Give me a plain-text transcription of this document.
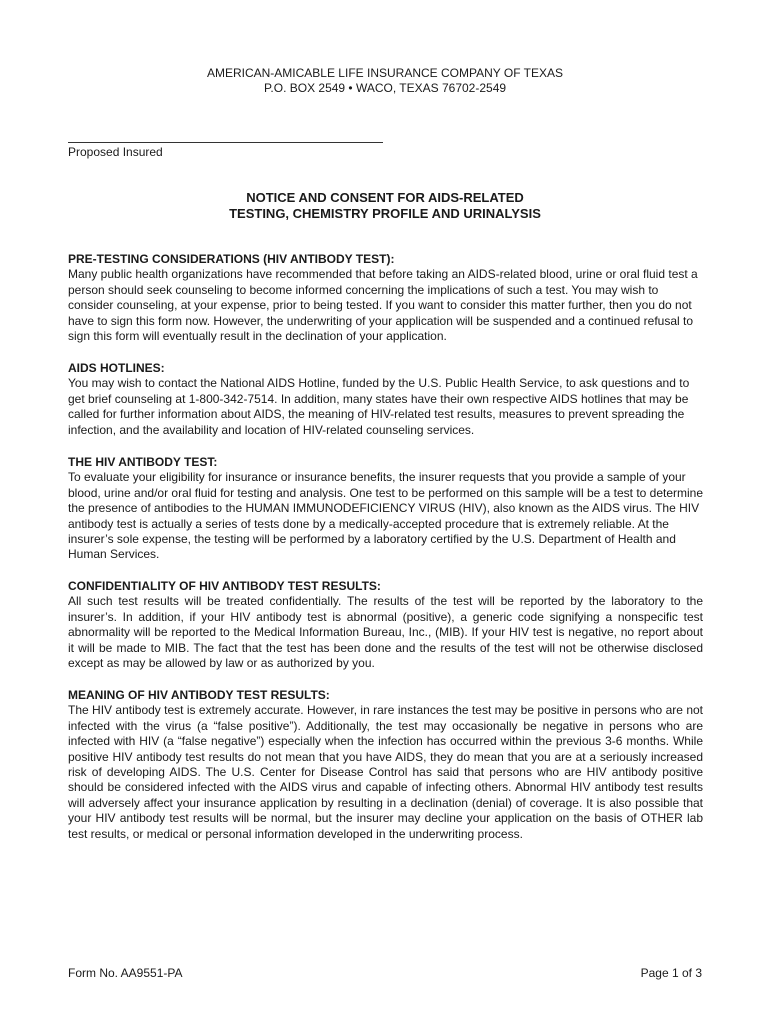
AMERICAN-AMICABLE LIFE INSURANCE COMPANY OF TEXAS
P.O. BOX 2549 • WACO, TEXAS 76702-2549
Proposed Insured
NOTICE AND CONSENT FOR AIDS-RELATED
TESTING, CHEMISTRY PROFILE AND URINALYSIS
PRE-TESTING CONSIDERATIONS (HIV ANTIBODY TEST):

Many public health organizations have recommended that before taking an AIDS-related blood, urine or oral fluid test a person should seek counseling to become informed concerning the implications of such a test. You may wish to consider counseling, at your expense, prior to being tested. If you want to consider this matter further, then you do not have to sign this form now. However, the underwriting of your application will be suspended and a continued refusal to sign this form will eventually result in the declination of your application.

AIDS HOTLINES:

You may wish to contact the National AIDS Hotline, funded by the U.S. Public Health Service, to ask questions and to get brief counseling at 1-800-342-7514. In addition, many states have their own respective AIDS hotlines that may be called for further information about AIDS, the meaning of HIV-related test results, measures to prevent spreading the infection, and the availability and location of HIV-related counseling services.

THE HIV ANTIBODY TEST:

To evaluate your eligibility for insurance or insurance benefits, the insurer requests that you provide a sample of your blood, urine and/or oral fluid for testing and analysis. One test to be performed on this sample will be a test to determine the presence of antibodies to the HUMAN IMMUNODEFICIENCY VIRUS (HIV), also known as the AIDS virus. The HIV antibody test is actually a series of tests done by a medically-accepted procedure that is extremely reliable. At the insurer’s sole expense, the testing will be performed by a laboratory certified by the U.S. Department of Health and Human Services.

CONFIDENTIALITY OF HIV ANTIBODY TEST RESULTS:

All such test results will be treated confidentially. The results of the test will be reported by the laboratory to the insurer’s. In addition, if your HIV antibody test is abnormal (positive), a generic code signifying a nonspecific test abnormality will be reported to the Medical Information Bureau, Inc., (MIB). If your HIV test is negative, no report about it will be made to MIB. The fact that the test has been done and the results of the test will not be otherwise disclosed except as may be allowed by law or as authorized by you.

MEANING OF HIV ANTIBODY TEST RESULTS:

The HIV antibody test is extremely accurate. However, in rare instances the test may be positive in persons who are not infected with the virus (a “false positive”). Additionally, the test may occasionally be negative in persons who are infected with HIV (a “false negative”) especially when the infection has occurred within the previous 3-6 months. While positive HIV antibody test results do not mean that you have AIDS, they do mean that you are at a seriously increased risk of developing AIDS. The U.S. Center for Disease Control has said that persons who are HIV antibody positive should be considered infected with the AIDS virus and capable of infecting others. Abnormal HIV antibody test results will adversely affect your insurance application by resulting in a declination (denial) of coverage. It is also possible that your HIV antibody test results will be normal, but the insurer may decline your application on the basis of OTHER lab test results, or medical or personal information developed in the underwriting process.

Form No. AA9551-PA	Page 1 of 3
